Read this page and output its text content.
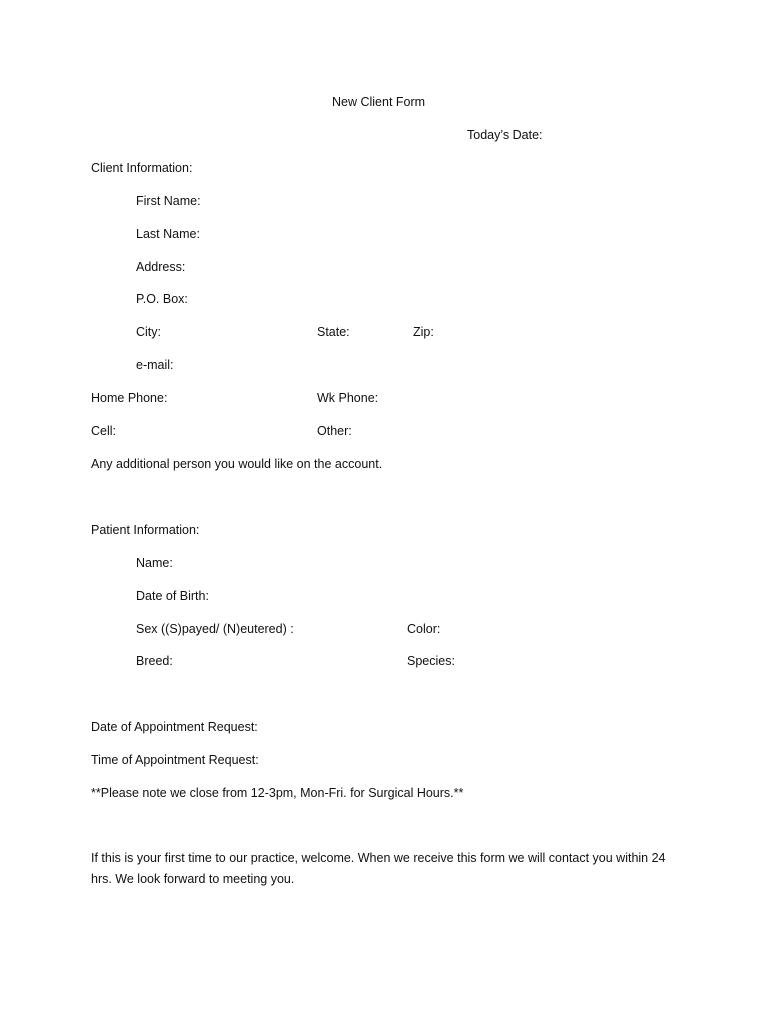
New Client Form
Today’s Date:
Client Information:
First Name:
Last Name:
Address:
P.O. Box:
City:	State:	Zip:
e-mail:
Home Phone:	Wk Phone:
Cell:	Other:
Any additional person you would like on the account.
Patient Information:
Name:
Date of Birth:
Sex ((S)payed/ (N)eutered) :	Color:
Breed:	Species:
Date of Appointment Request:
Time of Appointment Request:
**Please note we close from 12-3pm, Mon-Fri. for Surgical Hours.**
If this is your first time to our practice, welcome. When we receive this form we will contact you within 24 hrs. We look forward to meeting you.
